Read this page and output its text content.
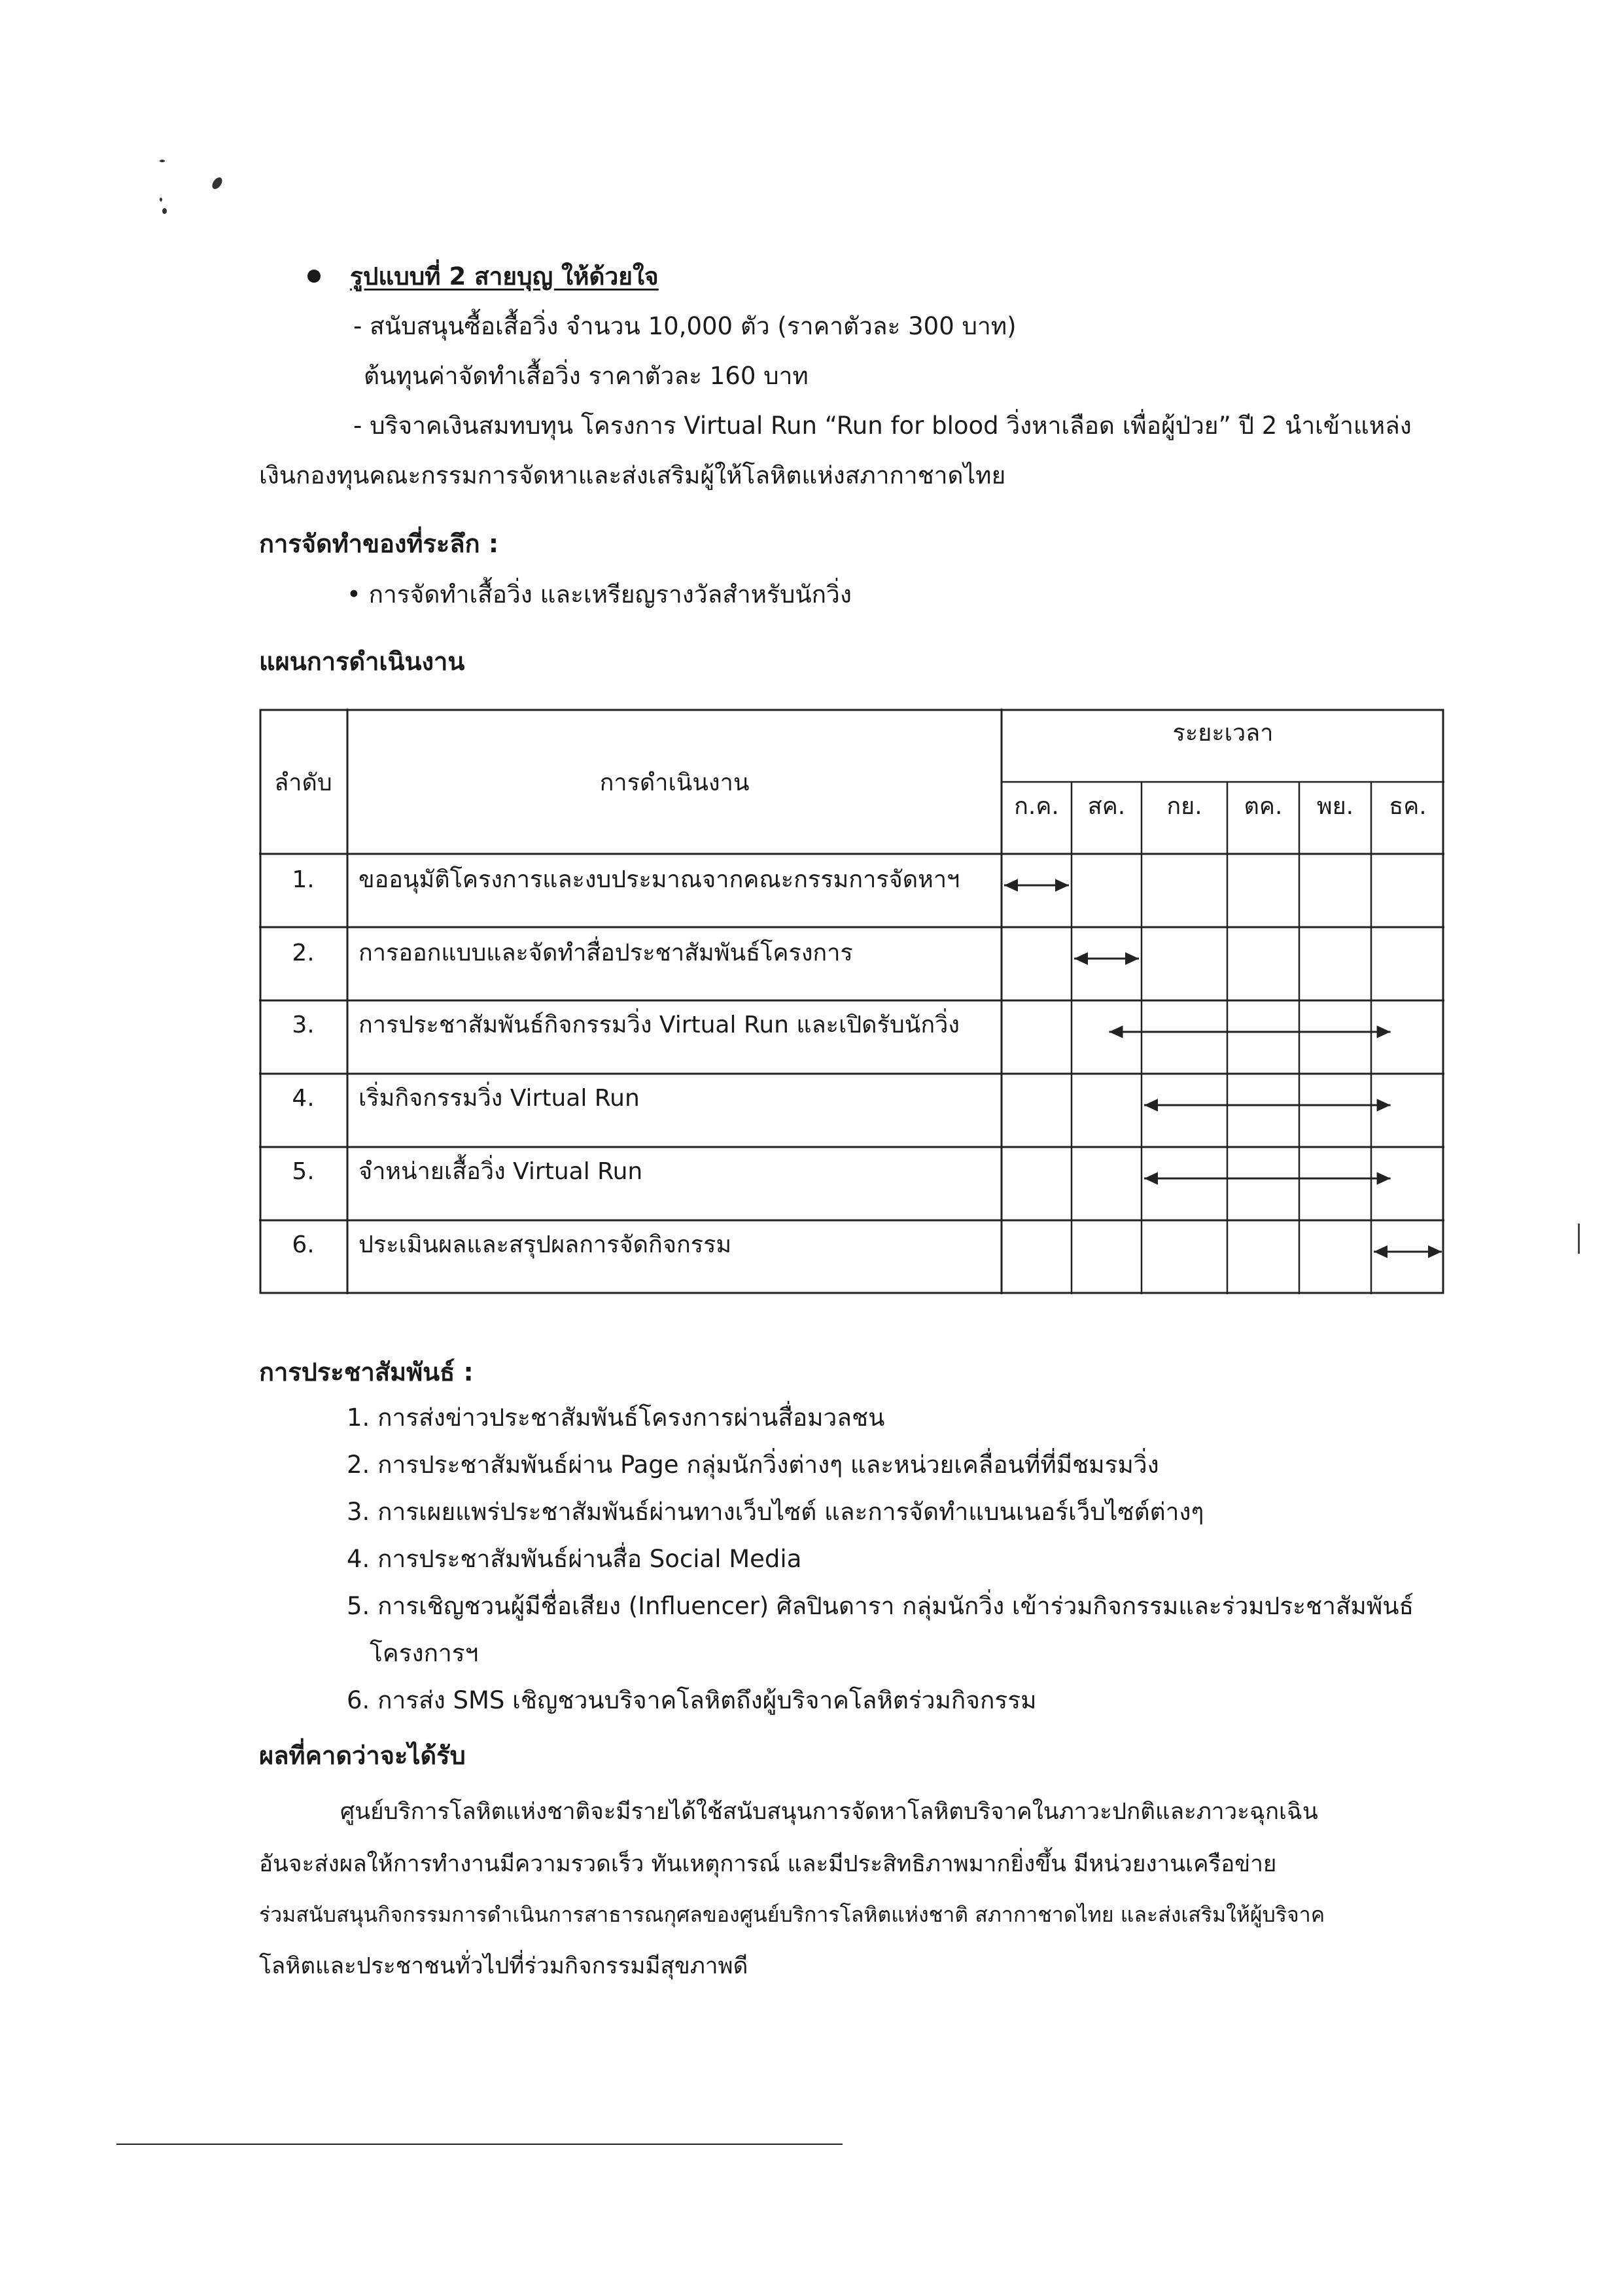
รูปแบบที่ 2 สายบุญ ให้ด้วยใจ
- สนับสนุนซื้อเสื้อวิ่ง จำนวน 10,000 ตัว (ราคาตัวละ 300 บาท)
ต้นทุนค่าจัดทำเสื้อวิ่ง ราคาตัวละ 160 บาท
- บริจาคเงินสมทบทุน โครงการ Virtual Run “Run for blood วิ่งหาเลือด เพื่อผู้ป่วย” ปี 2 นำเข้าแหล่ง
เงินกองทุนคณะกรรมการจัดหาและส่งเสริมผู้ให้โลหิตแห่งสภากาชาดไทย
การจัดทำของที่ระลึก :
• การจัดทำเสื้อวิ่ง และเหรียญรางวัลสำหรับนักวิ่ง
แผนการดำเนินงาน
ลำดับ	การดำเนินงาน
ระยะเวลา
ก.ค.	สค.	กย.	ตค.	พย.	ธค.
1.	ขออนุมัติโครงการและงบประมาณจากคณะกรรมการจัดหาฯ
2.	การออกแบบและจัดทำสื่อประชาสัมพันธ์โครงการ
3.	การประชาสัมพันธ์กิจกรรมวิ่ง Virtual Run และเปิดรับนักวิ่ง
4.	เริ่มกิจกรรมวิ่ง Virtual Run
5.	จำหน่ายเสื้อวิ่ง Virtual Run
6.	ประเมินผลและสรุปผลการจัดกิจกรรม
การประชาสัมพันธ์ :
1. การส่งข่าวประชาสัมพันธ์โครงการผ่านสื่อมวลชน
2. การประชาสัมพันธ์ผ่าน Page กลุ่มนักวิ่งต่างๆ และหน่วยเคลื่อนที่ที่มีชมรมวิ่ง
3. การเผยแพร่ประชาสัมพันธ์ผ่านทางเว็บไซต์ และการจัดทำแบนเนอร์เว็บไซต์ต่างๆ
4. การประชาสัมพันธ์ผ่านสื่อ Social Media
5. การเชิญชวนผู้มีชื่อเสียง (Influencer) ศิลปินดารา กลุ่มนักวิ่ง เข้าร่วมกิจกรรมและร่วมประชาสัมพันธ์
โครงการฯ
6. การส่ง SMS เชิญชวนบริจาคโลหิตถึงผู้บริจาคโลหิตร่วมกิจกรรม
ผลที่คาดว่าจะได้รับ
ศูนย์บริการโลหิตแห่งชาติจะมีรายได้ใช้สนับสนุนการจัดหาโลหิตบริจาคในภาวะปกติและภาวะฉุกเฉิน
อันจะส่งผลให้การทำงานมีความรวดเร็ว ทันเหตุการณ์ และมีประสิทธิภาพมากยิ่งขึ้น มีหน่วยงานเครือข่าย
ร่วมสนับสนุนกิจกรรมการดำเนินการสาธารณกุศลของศูนย์บริการโลหิตแห่งชาติ สภากาชาดไทย และส่งเสริมให้ผู้บริจาค
โลหิตและประชาชนทั่วไปที่ร่วมกิจกรรมมีสุขภาพดี
